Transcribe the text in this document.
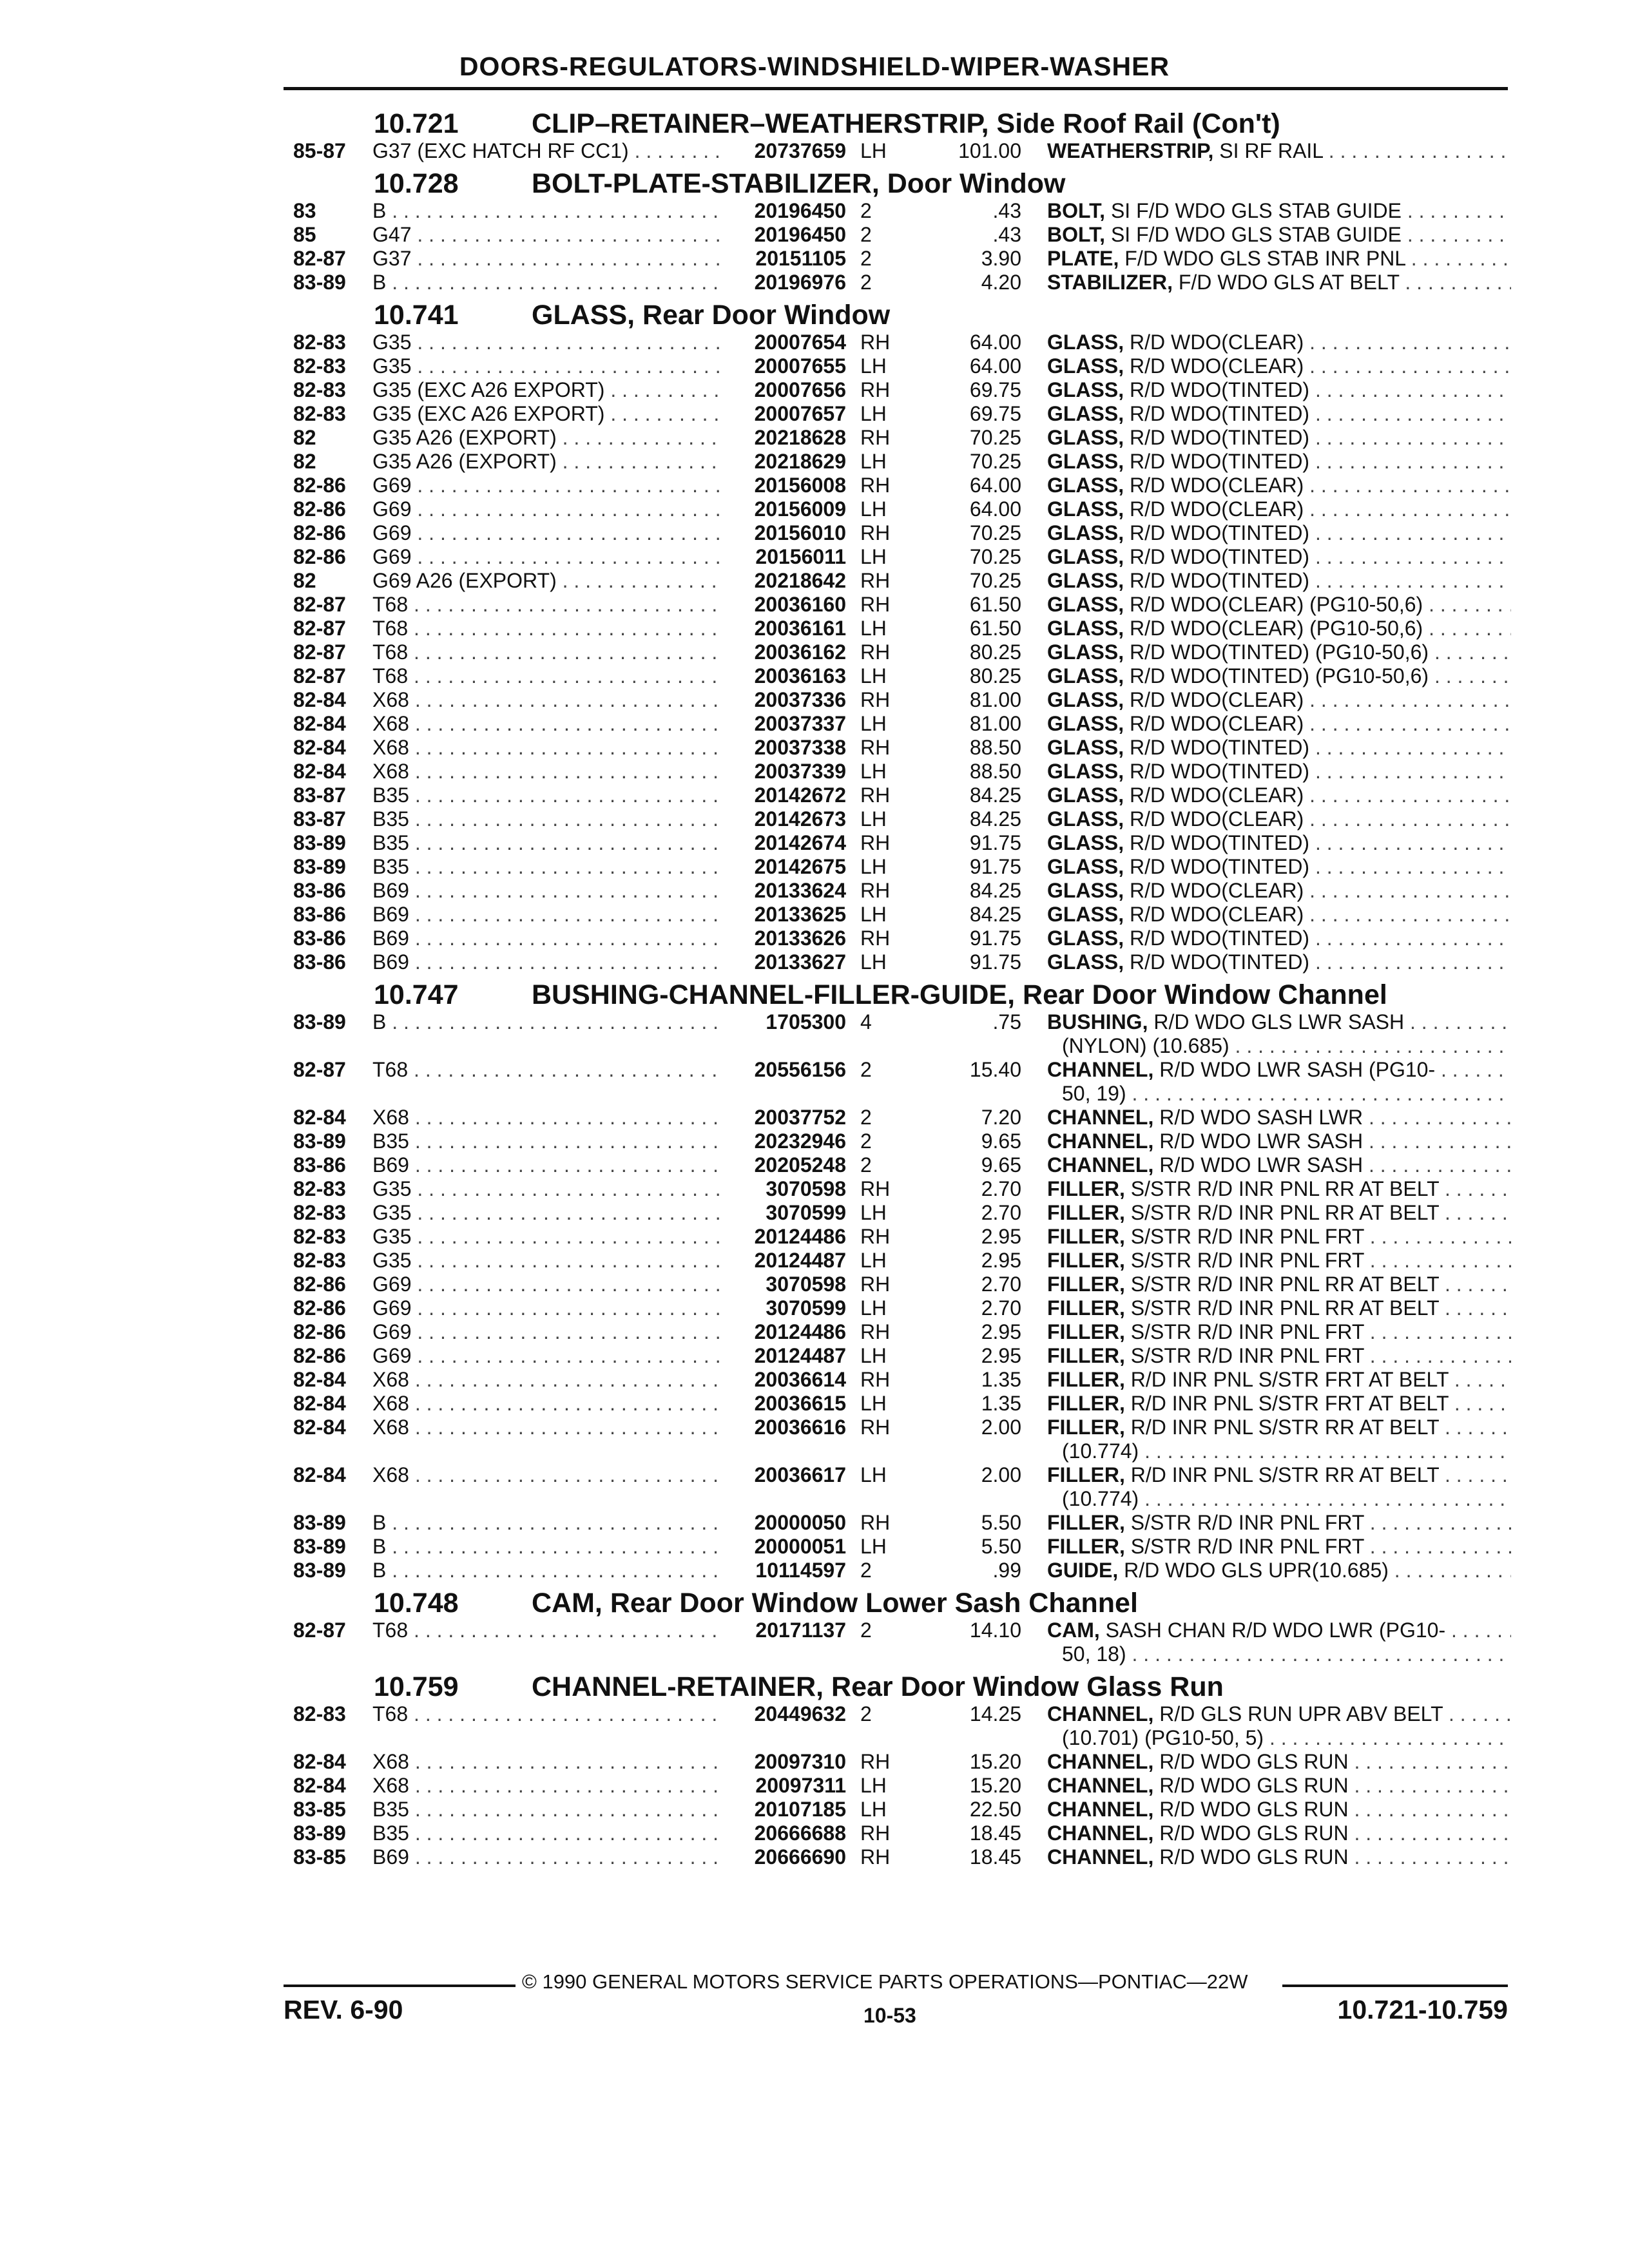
DOORS-REGULATORS-WINDSHIELD-WIPER-WASHER
10.721	CLIP–RETAINER–WEATHERSTRIP, Side Roof Rail (Con't)
85-87 G37 (EXC HATCH RF CC1) . . .	20737659 LH	101.00 WEATHERSTRIP, SI RF RAIL . . .
10.728	BOLT-PLATE-STABILIZER, Door Window
83	B . . .	20196450 2	.43 BOLT, SI F/D WDO GLS STAB GUIDE . . .
85	G47 . . .	20196450 2	.43 BOLT, SI F/D WDO GLS STAB GUIDE . . .
82-87 G37 . . .	20151105 2	3.90 PLATE, F/D WDO GLS STAB INR PNL . . .
83-89 B . . .	20196976 2	4.20 STABILIZER, F/D WDO GLS AT BELT . . .
10.741	GLASS, Rear Door Window
82-83 G35 . . .	20007654 RH	64.00 GLASS, R/D WDO(CLEAR) . . .
82-83 G35 . . .	20007655 LH	64.00 GLASS, R/D WDO(CLEAR) . . .
82-83 G35 (EXC A26 EXPORT) . . .	20007656 RH	69.75 GLASS, R/D WDO(TINTED) . . .
82-83 G35 (EXC A26 EXPORT) . . .	20007657 LH	69.75 GLASS, R/D WDO(TINTED) . . .
82	G35 A26 (EXPORT) . . .	20218628 RH	70.25 GLASS, R/D WDO(TINTED) . . .
82	G35 A26 (EXPORT) . . .	20218629 LH	70.25 GLASS, R/D WDO(TINTED) . . .
82-86 G69 . . .	20156008 RH	64.00 GLASS, R/D WDO(CLEAR) . . .
82-86 G69 . . .	20156009 LH	64.00 GLASS, R/D WDO(CLEAR) . . .
82-86 G69 . . .	20156010 RH	70.25 GLASS, R/D WDO(TINTED) . . .
82-86 G69 . . .	20156011 LH	70.25 GLASS, R/D WDO(TINTED) . . .
82	G69 A26 (EXPORT) . . .	20218642 RH	70.25 GLASS, R/D WDO(TINTED) . . .
82-87 T68 . . .	20036160 RH	61.50 GLASS, R/D WDO(CLEAR) (PG10-50,6) . . .
82-87 T68 . . .	20036161 LH	61.50 GLASS, R/D WDO(CLEAR) (PG10-50,6) . . .
82-87 T68 . . .	20036162 RH	80.25 GLASS, R/D WDO(TINTED) (PG10-50,6) . . .
82-87 T68 . . .	20036163 LH	80.25 GLASS, R/D WDO(TINTED) (PG10-50,6) . . .
82-84 X68 . . .	20037336 RH	81.00 GLASS, R/D WDO(CLEAR) . . .
82-84 X68 . . .	20037337 LH	81.00 GLASS, R/D WDO(CLEAR) . . .
82-84 X68 . . .	20037338 RH	88.50 GLASS, R/D WDO(TINTED) . . .
82-84 X68 . . .	20037339 LH	88.50 GLASS, R/D WDO(TINTED) . . .
83-87 B35 . . .	20142672 RH	84.25 GLASS, R/D WDO(CLEAR) . . .
83-87 B35 . . .	20142673 LH	84.25 GLASS, R/D WDO(CLEAR) . . .
83-89 B35 . . .	20142674 RH	91.75 GLASS, R/D WDO(TINTED) . . .
83-89 B35 . . .	20142675 LH	91.75 GLASS, R/D WDO(TINTED) . . .
83-86 B69 . . .	20133624 RH	84.25 GLASS, R/D WDO(CLEAR) . . .
83-86 B69 . . .	20133625 LH	84.25 GLASS, R/D WDO(CLEAR) . . .
83-86 B69 . . .	20133626 RH	91.75 GLASS, R/D WDO(TINTED) . . .
83-86 B69 . . .	20133627 LH	91.75 GLASS, R/D WDO(TINTED) . . .
10.747	BUSHING-CHANNEL-FILLER-GUIDE, Rear Door Window Channel
83-89 B . . .	1705300 4	.75 BUSHING, R/D WDO GLS LWR SASH . . .
(NYLON) (10.685) . . .
82-87 T68 . . .	20556156 2	15.40 CHANNEL, R/D WDO LWR SASH (PG10- . . .
50, 19) . . .
82-84 X68 . . .	20037752 2	7.20 CHANNEL, R/D WDO SASH LWR . . .
83-89 B35 . . .	20232946 2	9.65 CHANNEL, R/D WDO LWR SASH . . .
83-86 B69 . . .	20205248 2	9.65 CHANNEL, R/D WDO LWR SASH . . .
82-83 G35 . . .	3070598 RH	2.70 FILLER, S/STR R/D INR PNL RR AT BELT . . .
82-83 G35 . . .	3070599 LH	2.70 FILLER, S/STR R/D INR PNL RR AT BELT . . .
82-83 G35 . . .	20124486 RH	2.95 FILLER, S/STR R/D INR PNL FRT . . .
82-83 G35 . . .	20124487 LH	2.95 FILLER, S/STR R/D INR PNL FRT . . .
82-86 G69 . . .	3070598 RH	2.70 FILLER, S/STR R/D INR PNL RR AT BELT . . .
82-86 G69 . . .	3070599 LH	2.70 FILLER, S/STR R/D INR PNL RR AT BELT . . .
82-86 G69 . . .	20124486 RH	2.95 FILLER, S/STR R/D INR PNL FRT . . .
82-86 G69 . . .	20124487 LH	2.95 FILLER, S/STR R/D INR PNL FRT . . .
82-84 X68 . . .	20036614 RH	1.35 FILLER, R/D INR PNL S/STR FRT AT BELT . . .
82-84 X68 . . .	20036615 LH	1.35 FILLER, R/D INR PNL S/STR FRT AT BELT . . .
82-84 X68 . . .	20036616 RH	2.00 FILLER, R/D INR PNL S/STR RR AT BELT . . .
(10.774) . . .
82-84 X68 . . .	20036617 LH	2.00 FILLER, R/D INR PNL S/STR RR AT BELT . . .
(10.774) . . .
83-89 B . . .	20000050 RH	5.50 FILLER, S/STR R/D INR PNL FRT . . .
83-89 B . . .	20000051 LH	5.50 FILLER, S/STR R/D INR PNL FRT . . .
83-89 B . . .	10114597 2	.99 GUIDE, R/D WDO GLS UPR(10.685) . . .
10.748	CAM, Rear Door Window Lower Sash Channel
82-87 T68 . . .	20171137 2	14.10 CAM, SASH CHAN R/D WDO LWR (PG10- . . .
50, 18) . . .
10.759	CHANNEL-RETAINER, Rear Door Window Glass Run
82-83 T68 . . .	20449632 2	14.25 CHANNEL, R/D GLS RUN UPR ABV BELT . . .
(10.701) (PG10-50, 5) . . .
82-84 X68 . . .	20097310 RH	15.20 CHANNEL, R/D WDO GLS RUN . . .
82-84 X68 . . .	20097311 LH	15.20 CHANNEL, R/D WDO GLS RUN . . .
83-85 B35 . . .	20107185 LH	22.50 CHANNEL, R/D WDO GLS RUN . . .
83-89 B35 . . .	20666688 RH	18.45 CHANNEL, R/D WDO GLS RUN . . .
83-85 B69 . . .	20666690 RH	18.45 CHANNEL, R/D WDO GLS RUN . . .
© 1990 GENERAL MOTORS SERVICE PARTS OPERATIONS—PONTIAC—22W
REV. 6-90	10-53	10.721-10.759
